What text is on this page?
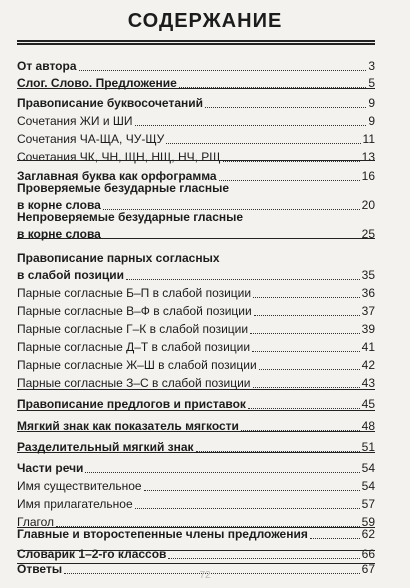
СОДЕРЖАНИЕ
От автора	3
Слог. Слово. Предложение	5
Правописание буквосочетаний	9
Сочетания ЖИ и ШИ	9
Сочетания ЧА-ЩА, ЧУ-ЩУ	11
Сочетания ЧК, ЧН, ЩН, НЩ, НЧ, РЩ	13
Заглавная буква как орфограмма	16
Проверяемые безударные гласные
в корне слова	20
Непроверяемые безударные гласные
в корне слова	25
Правописание парных согласных
в слабой позиции	35
Парные согласные Б–П в слабой позиции	36
Парные согласные В–Ф в слабой позиции	37
Парные согласные Г–К в слабой позиции	39
Парные согласные Д–Т в слабой позиции	41
Парные согласные Ж–Ш в слабой позиции	42
Парные согласные З–С в слабой позиции	43
Правописание предлогов и приставок	45
Мягкий знак как показатель мягкости	48
Разделительный мягкий знак	51
Части речи	54
Имя существительное	54
Имя прилагательное	57
Глагол	59
Главные и второстепенные члены предложения	62
Словарик 1–2-го классов	66
Ответы	67
72
